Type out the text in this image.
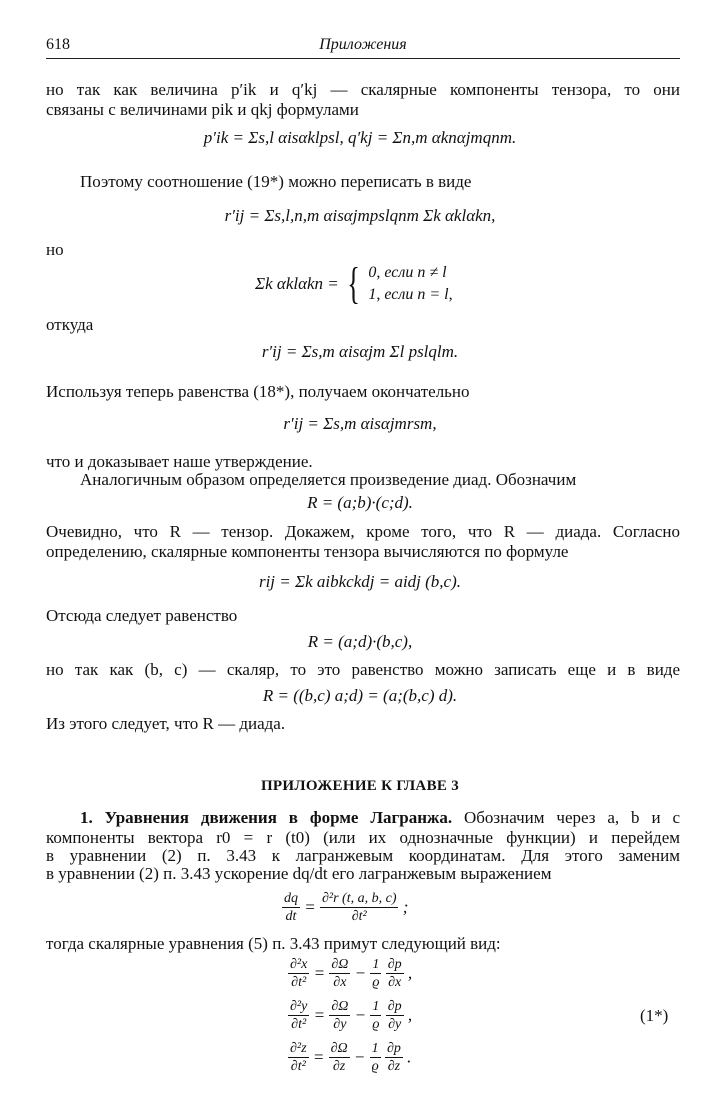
618	Приложения
но так как величина p′ik и q′kj — скалярные компоненты тензора, то они
связаны с величинами pik и qkj формулами
p′ik = Σs,l αisαklpsl, q′kj = Σn,m αknαjmqnm.
Поэтому соотношение (19*) можно переписать в виде
r′ij = Σs,l,n,m αisαjmpslqnm Σk αklαkn,
но
Σk αklαkn = { 0, если n ≠ l
1, если n = l,
откуда
r′ij = Σs,m αisαjm Σl pslqlm.
Используя теперь равенства (18*), получаем окончательно
r′ij = Σs,m αisαjmrsm,
что и доказывает наше утверждение.
Аналогичным образом определяется произведение диад. Обозначим
R = (a;b)·(c;d).
Очевидно, что R — тензор. Докажем, кроме того, что R — диада. Согласно
определению, скалярные компоненты тензора вычисляются по формуле
rij = Σk aibkckdj = aidj (b,c).
Отсюда следует равенство
R = (a;d)·(b,c),
но так как (b, c) — скаляр, то это равенство можно записать еще и в виде
R = ((b,c) a;d) = (a;(b,c) d).
Из этого следует, что R — диада.
ПРИЛОЖЕНИЕ К ГЛАВЕ 3
1. Уравнения движения в форме Лагранжа. Обозначим через a, b и c
компоненты вектора r0 = r (t0) (или их однозначные функции) и перейдем
в уравнении (2) п. 3.43 к лагранжевым координатам. Для этого заменим
в уравнении (2) п. 3.43 ускорение dq/dt его лагранжевым выражением
$\frac{dq}{dt} = \frac{\text{∂²r (t, a, b, c)}}{\text{∂t²}}$ ;
тогда скалярные уравнения (5) п. 3.43 примут следующий вид:
$\frac{\text{∂²x}}{\text{∂t²}} = \frac{\partial\Omega}{\partial x} - \frac{1}{ϱ}$
$\frac{\partial p}{\partial x}$ ,
$\frac{\text{∂²y}}{\text{∂t²}} = \frac{\partial\Omega}{\partial y} - \frac{1}{ϱ}$
$\frac{\partial p}{\partial y}$ ,	(1*)
$\frac{\text{∂²z}}{\text{∂t²}} = \frac{\partial\Omega}{\partial z} - \frac{1}{ϱ}$
$\frac{\partial p}{\partial z}$ .
